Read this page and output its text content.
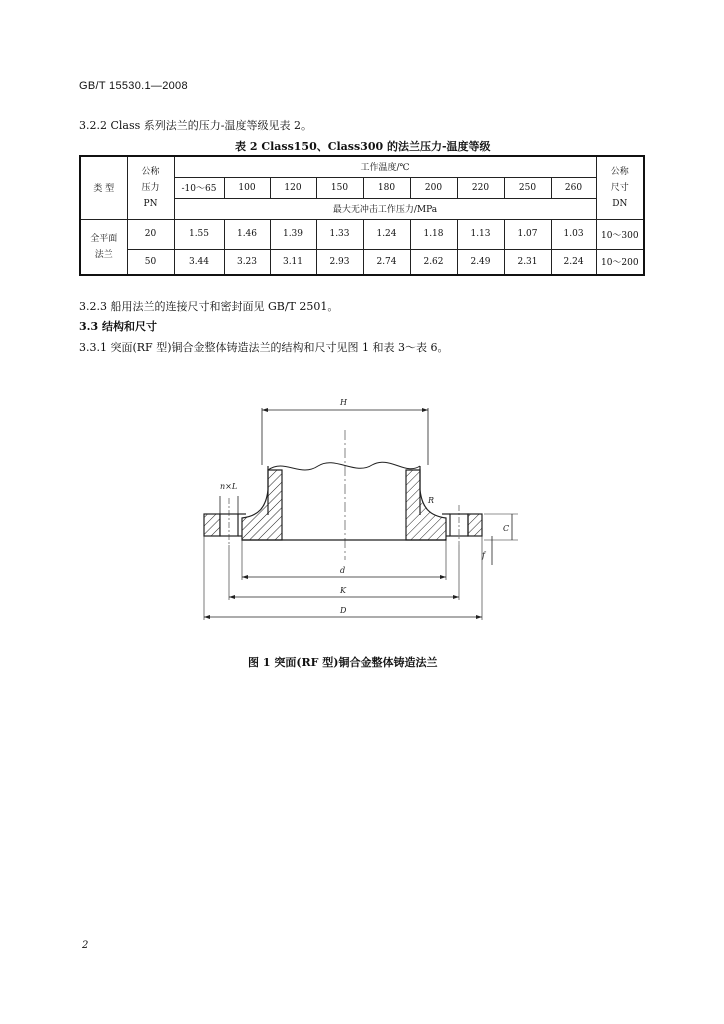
GB/T 15530.1—2008
3.2.2 Class 系列法兰的压力-温度等级见表 2。
表 2 Class150、Class300 的法兰压力-温度等级
类 型	公称
压力
PN	工作温度/℃									公称
尺寸
DN

		-10～65	100	120	150	180	200	220	250	260	
		最大无冲击工作压力/MPa									

全平面
法兰	20	1.55	1.46	1.39	1.33	1.24	1.18	1.13	1.07	1.03	10～300
	50	3.44	3.23	3.11	2.93	2.74	2.62	2.49	2.31	2.24	10～200
3.2.3 船用法兰的连接尺寸和密封面见 GB/T 2501。
3.3 结构和尺寸
3.3.1 突面(RF 型)铜合金整体铸造法兰的结构和尺寸见图 1 和表 3～表 6。
H
n×L
R
C
f
d
K
D
图 1 突面(RF 型)铜合金整体铸造法兰
2
